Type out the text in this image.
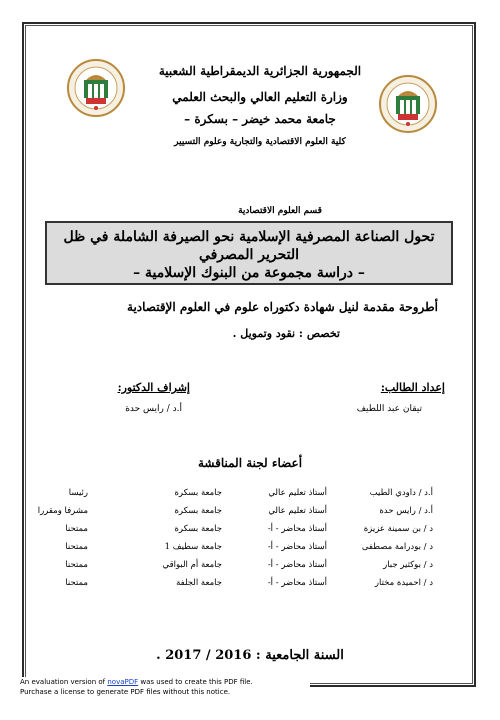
الجمهورية الجزائرية الديمقراطية الشعبية
وزارة التعليم العالي والبحث العلمي
جامعة محمد خيضر – بسكرة –
كلية العلوم الاقتصادية والتجارية وعلوم التسيير
قسم العلوم الاقتصادية
تحول الصناعة المصرفية الإسلامية نحو الصيرفة الشاملة في ظل
التحرير المصرفي
– دراسة مجموعة من البنوك الإسلامية –
أطروحة مقدمة لنيل شهادة دكتوراه علوم في العلوم الإقتصادية
تخصص : نقود وتمويل .
إعداد الطالب:
تيقان عبد اللطيف
إشراف الدكتور:
أ.د / رايس حدة
أعضاء لجنة المناقشة
أ.د / داودي الطيب
أستاذ تعليم عالي
جامعة بسكرة
رئيسا
أ.د / رايس حدة
أستاذ تعليم عالي
جامعة بسكرة
مشرفا ومقررا
د / بن سمينة عزيزة
أستاذ محاضر - أ-
جامعة بسكرة
ممتحنا
د / بودرامة مصطفى
أستاذ محاضر - أ-
جامعة سطيف 1
ممتحنا
د / بوكثير جبار
أستاذ محاضر - أ-
جامعة أم البواقي
ممتحنا
د / احميدة مختار
أستاذ محاضر - أ-
جامعة الجلفة
ممتحنا
السنة الجامعية : 2016 / 2017 .
An evaluation version of novaPDF was used to create this PDF file.
Purchase a license to generate PDF files without this notice.
